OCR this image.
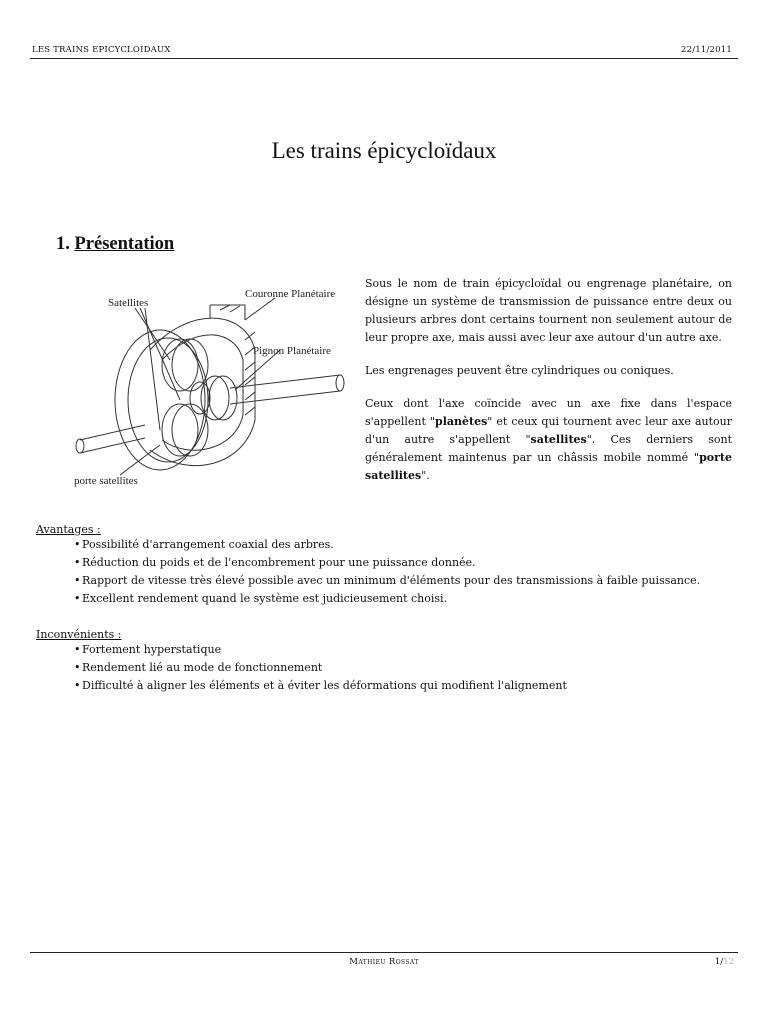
LES TRAINS EPICYCLOIDAUX	22/11/2011
Les trains épicycloïdaux
1. Présentation
Satellites
Couronne Planétaire
Pignon Planétaire
porte satellites

Sous le nom de train épicycloïdal ou engrenage planétaire, on désigne un système de transmission de puissance entre deux ou plusieurs arbres dont certains tournent non seulement autour de leur propre axe, mais aussi avec leur axe autour d'un autre axe.

Les engrenages peuvent être cylindriques ou coniques.

Ceux dont l'axe coïncide avec un axe fixe dans l'espace s'appellent "planètes" et ceux qui tournent avec leur axe autour d'un autre s'appellent "satellites". Ces derniers sont généralement maintenus par un châssis mobile nommé "porte satellites".

Avantages :

• Possibilité d'arrangement coaxial des arbres.
• Réduction du poids et de l'encombrement pour une puissance donnée.
• Rapport de vitesse très élevé possible avec un minimum d'éléments pour des transmissions à faible puissance.
• Excellent rendement quand le système est judicieusement choisi.

Inconvénients :

• Fortement hyperstatique
• Rendement lié au mode de fonctionnement
• Difficulté à aligner les éléments et à éviter les déformations qui modifient l'alignement
Mathieu Rossat	1/12
